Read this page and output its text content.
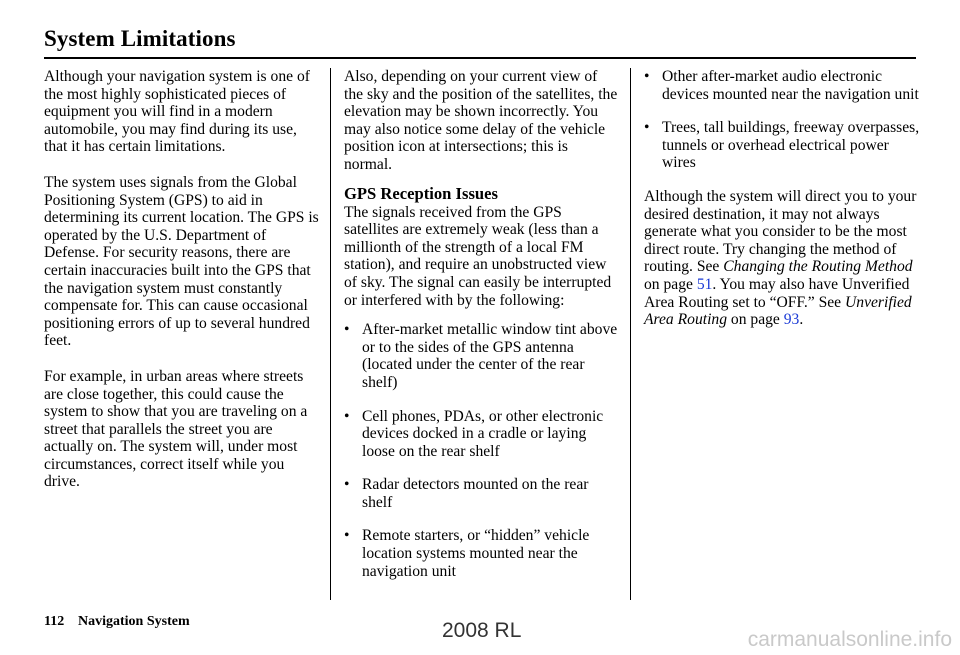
System Limitations

Although your navigation system is one of the most highly sophisticated pieces of equipment you will find in a modern automobile, you may find during its use, that it has certain limitations.

The system uses signals from the Global Positioning System (GPS) to aid in determining its current location. The GPS is operated by the U.S. Department of Defense. For security reasons, there are certain inaccuracies built into the GPS that the navigation system must constantly compensate for. This can cause occasional positioning errors of up to several hundred feet.

For example, in urban areas where streets are close together, this could cause the system to show that you are traveling on a street that parallels the street you are actually on. The system will, under most circumstances, correct itself while you drive.

Also, depending on your current view of the sky and the position of the satellites, the elevation may be shown incorrectly. You may also notice some delay of the vehicle position icon at intersections; this is normal.

GPS Reception Issues

The signals received from the GPS satellites are extremely weak (less than a millionth of the strength of a local FM station), and require an unobstructed view of sky. The signal can easily be interrupted or interfered with by the following:

• After-market metallic window tint above or to the sides of the GPS antenna (located under the center of the rear shelf)
• Cell phones, PDAs, or other electronic devices docked in a cradle or laying loose on the rear shelf
• Radar detectors mounted on the rear shelf
• Remote starters, or “hidden” vehicle location systems mounted near the navigation unit
• Other after-market audio electronic devices mounted near the navigation unit
• Trees, tall buildings, freeway overpasses, tunnels or overhead electrical power wires

Although the system will direct you to your desired destination, it may not always generate what you consider to be the most direct route. Try changing the method of routing. See Changing the Routing Method on page 51. You may also have Unverified Area Routing set to “OFF.” See Unverified Area Routing on page 93.

112 Navigation System	2008 RL	carmanualsonline.info
